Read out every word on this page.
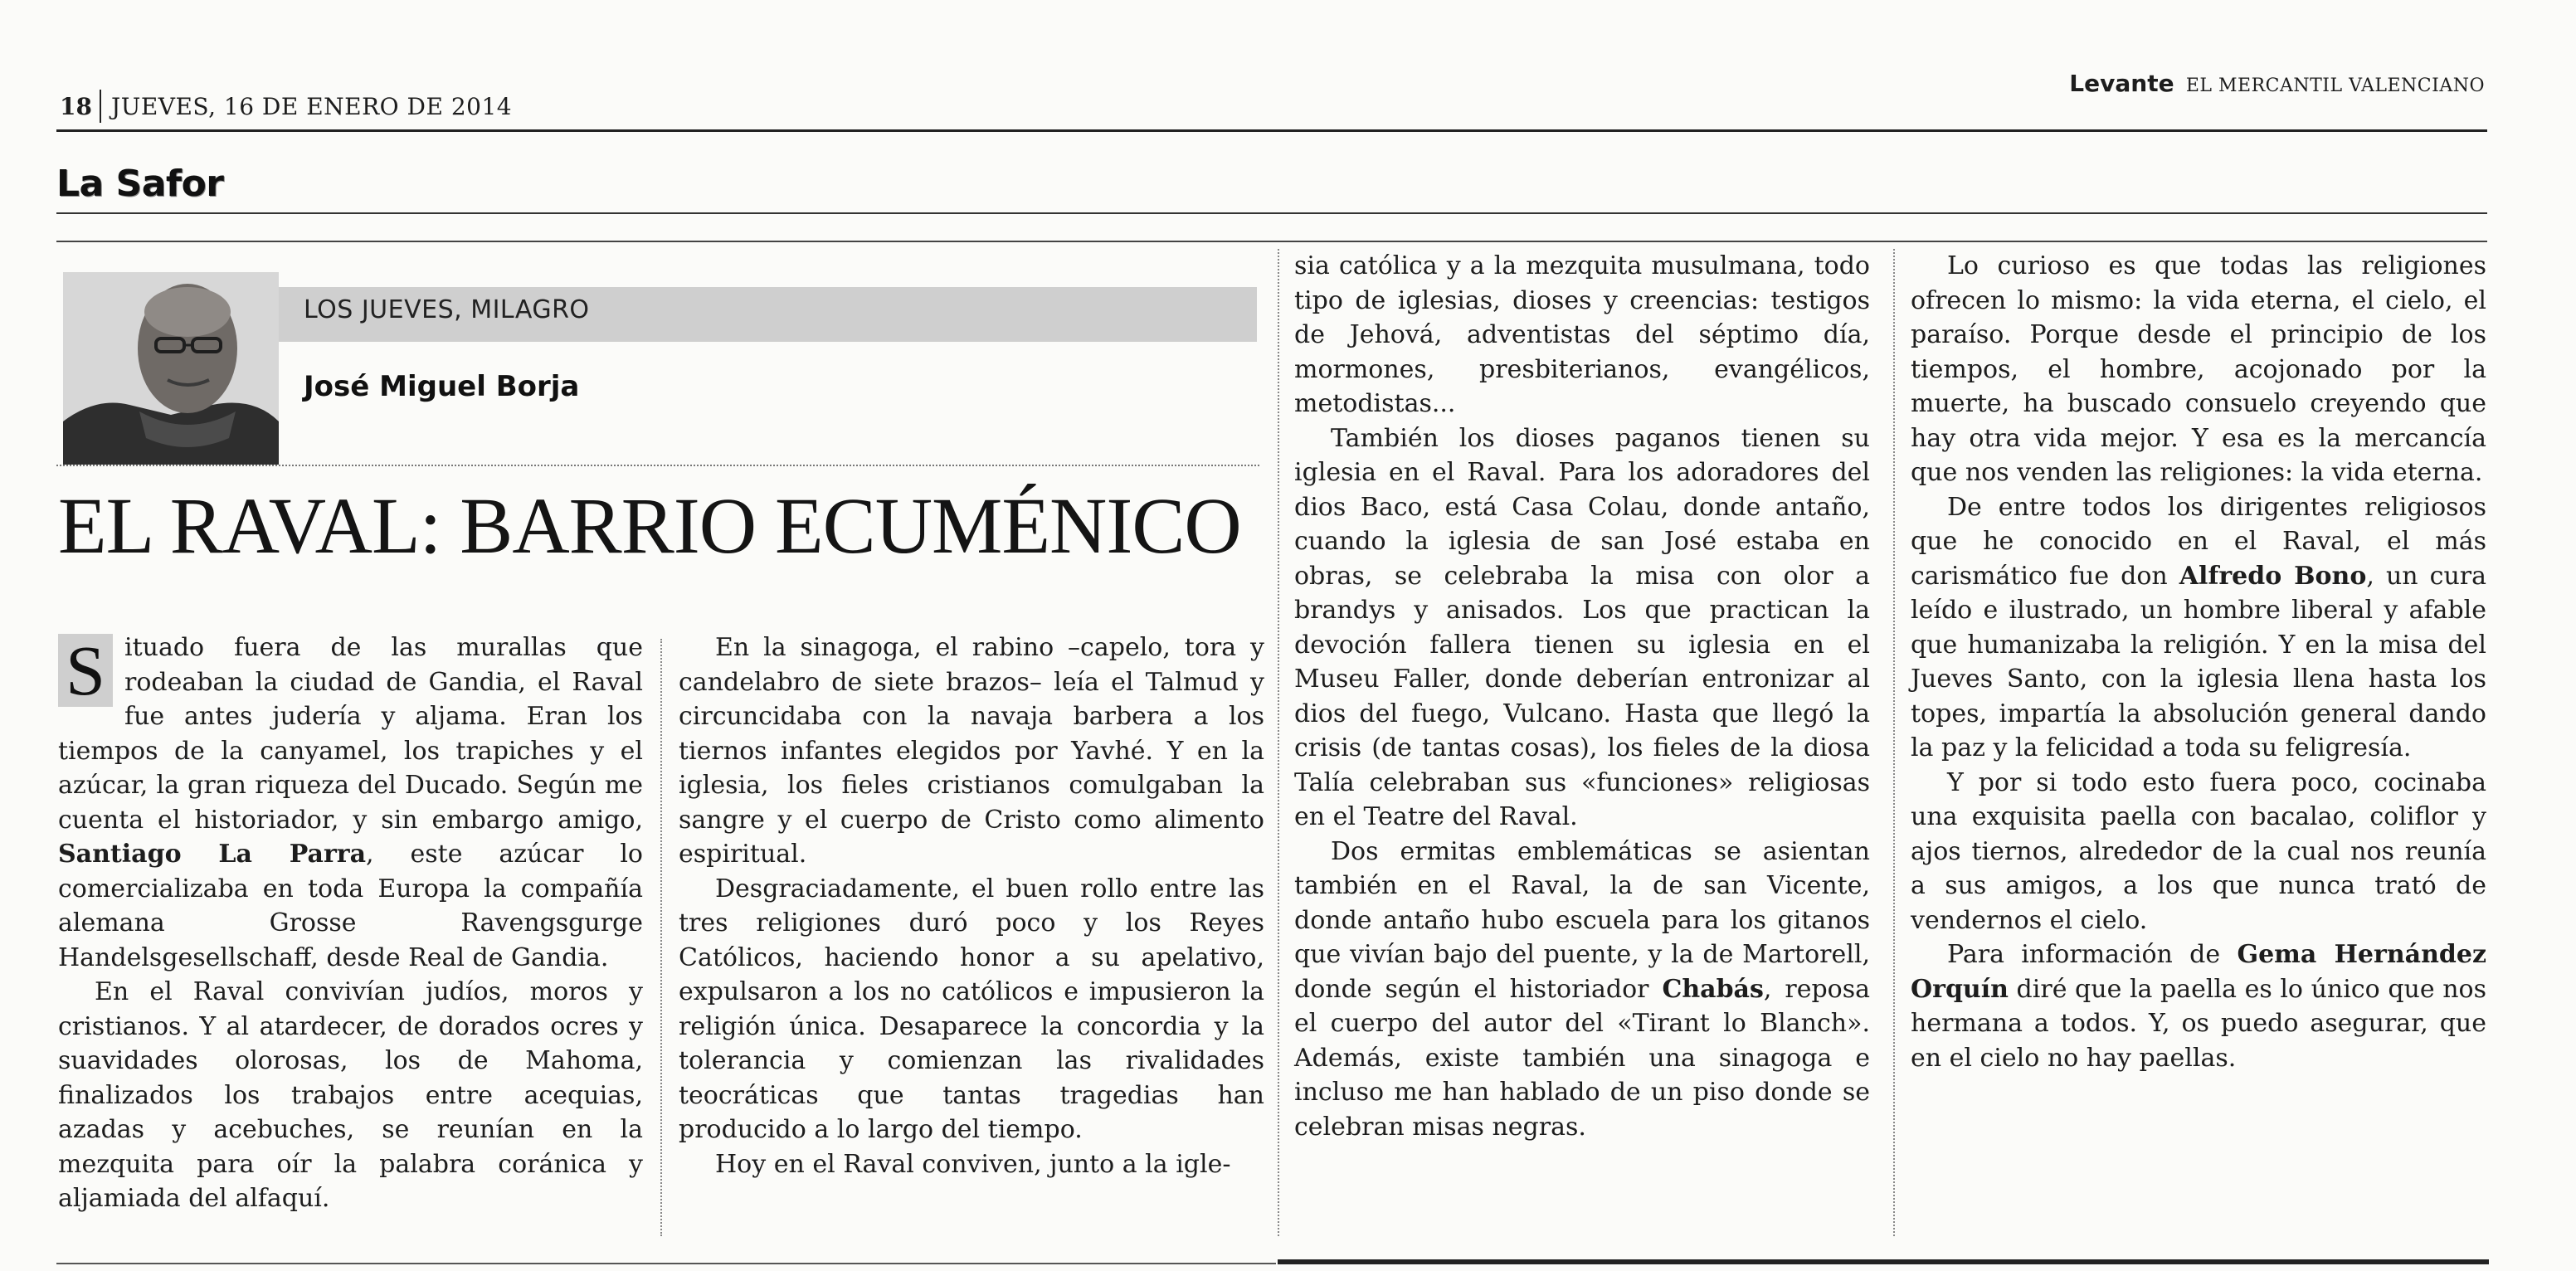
18 JUEVES, 16 DE ENERO DE 2014
Levante EL MERCANTIL VALENCIANO
La Safor
LOS JUEVES, MILAGRO
José Miguel Borja
EL RAVAL: BARRIO ECUMÉNICO

S ituado fuera de las murallas que rodeaban la ciudad de Gandia, el Raval fue antes judería y aljama. Eran los tiempos de la canyamel, los trapiches y el azúcar, la gran riqueza del Ducado. Según me cuenta el historiador, y sin embargo amigo, Santiago La Parra, este azúcar lo comercializaba en toda Europa la compañía alemana Grosse Ravengsgurge Handelsgesellschaff, desde Real de Gandia.

En el Raval convivían judíos, moros y cristianos. Y al atardecer, de dorados ocres y suavidades olorosas, los de Mahoma, finalizados los trabajos entre acequias, azadas y acebuches, se reunían en la mezquita para oír la palabra coránica y aljamiada del alfaquí.

En la sinagoga, el rabino –capelo, tora y candelabro de siete brazos– leía el Talmud y circuncidaba con la navaja barbera a los tiernos infantes elegidos por Yavhé. Y en la iglesia, los fieles cristianos comulgaban la sangre y el cuerpo de Cristo como alimento espiritual.

Desgraciadamente, el buen rollo entre las tres religiones duró poco y los Reyes Católicos, haciendo honor a su apelativo, expulsaron a los no católicos e impusieron la religión única. Desaparece la concordia y la tolerancia y comienzan las rivalidades teocráticas que tantas tragedias han producido a lo largo del tiempo.

Hoy en el Raval conviven, junto a la igle-

sia católica y a la mezquita musulmana, todo tipo de iglesias, dioses y creencias: testigos de Jehová, adventistas del séptimo día, mormones, presbiterianos, evangélicos, metodistas...

También los dioses paganos tienen su iglesia en el Raval. Para los adoradores del dios Baco, está Casa Colau, donde antaño, cuando la iglesia de san José estaba en obras, se celebraba la misa con olor a brandys y anisados. Los que practican la devoción fallera tienen su iglesia en el Museu Faller, donde deberían entronizar al dios del fuego, Vulcano. Hasta que llegó la crisis (de tantas cosas), los fieles de la diosa Talía celebraban sus «funciones» religiosas en el Teatre del Raval.

Dos ermitas emblemáticas se asientan también en el Raval, la de san Vicente, donde antaño hubo escuela para los gitanos que vivían bajo del puente, y la de Martorell, donde según el historiador Chabás, reposa el cuerpo del autor del «Tirant lo Blanch». Además, existe también una sinagoga e incluso me han hablado de un piso donde se celebran misas negras.

Lo curioso es que todas las religiones ofrecen lo mismo: la vida eterna, el cielo, el paraíso. Porque desde el principio de los tiempos, el hombre, acojonado por la muerte, ha buscado consuelo creyendo que hay otra vida mejor. Y esa es la mercancía que nos venden las religiones: la vida eterna.

De entre todos los dirigentes religiosos que he conocido en el Raval, el más carismático fue don Alfredo Bono, un cura leído e ilustrado, un hombre liberal y afable que humanizaba la religión. Y en la misa del Jueves Santo, con la iglesia llena hasta los topes, impartía la absolución general dando la paz y la felicidad a toda su feligresía.

Y por si todo esto fuera poco, cocinaba una exquisita paella con bacalao, coliflor y ajos tiernos, alrededor de la cual nos reunía a sus amigos, a los que nunca trató de vendernos el cielo.

Para información de Gema Hernández Orquín diré que la paella es lo único que nos hermana a todos. Y, os puedo asegurar, que en el cielo no hay paellas.
